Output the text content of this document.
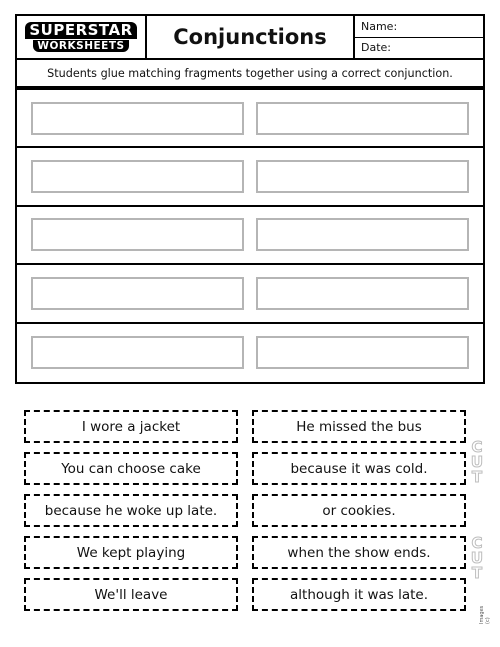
SUPERSTAR
WORKSHEETS	Conjunctions	Name:
Date:
Students glue matching fragments together using a correct conjunction.
I wore a jacket	He missed the bus
You can choose cake	because it was cold.
because he woke up late.	or cookies.
We kept playing	when the show ends.
We'll leave	although it was late.
C
U
T
C
U
T
Images (c)
